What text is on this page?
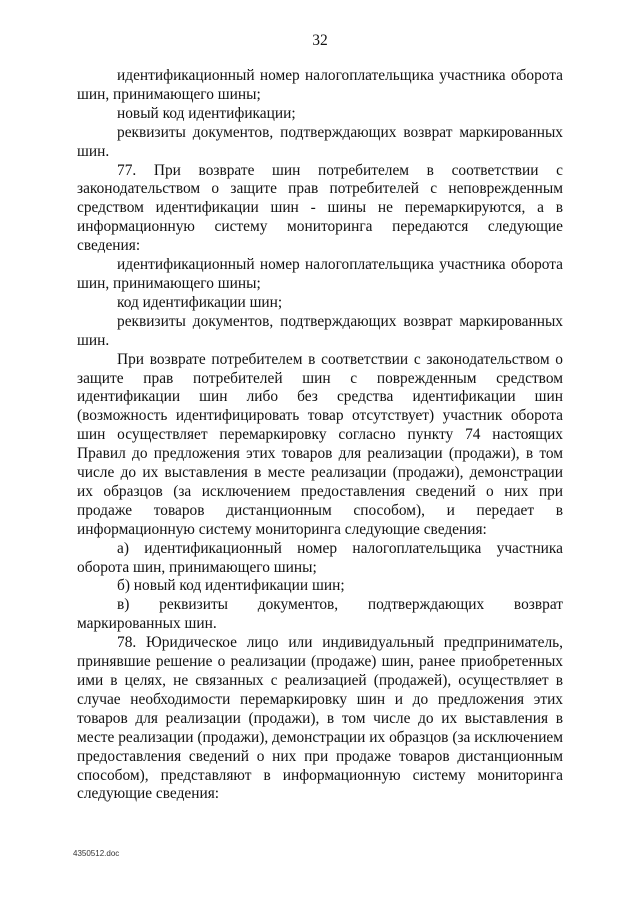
32

идентификационный номер налогоплательщика участника оборота шин, принимающего шины;

новый код идентификации;

реквизиты документов, подтверждающих возврат маркированных шин.

77. При возврате шин потребителем в соответствии с законодательством о защите прав потребителей с неповрежденным средством идентификации шин - шины не перемаркируются, а в информационную систему мониторинга передаются следующие сведения:

идентификационный номер налогоплательщика участника оборота шин, принимающего шины;

код идентификации шин;

реквизиты документов, подтверждающих возврат маркированных шин.

При возврате потребителем в соответствии с законодательством о защите прав потребителей шин с поврежденным средством идентификации шин либо без средства идентификации шин (возможность идентифицировать товар отсутствует) участник оборота шин осуществляет перемаркировку согласно пункту 74 настоящих Правил до предложения этих товаров для реализации (продажи), в том числе до их выставления в месте реализации (продажи), демонстрации их образцов (за исключением предоставления сведений о них при продаже товаров дистанционным способом), и передает в информационную систему мониторинга следующие сведения:

а) идентификационный номер налогоплательщика участника оборота шин, принимающего шины;

б) новый код идентификации шин;

в) реквизиты документов, подтверждающих возврат маркированных шин.

78. Юридическое лицо или индивидуальный предприниматель, принявшие решение о реализации (продаже) шин, ранее приобретенных ими в целях, не связанных с реализацией (продажей), осуществляет в случае необходимости перемаркировку шин и до предложения этих товаров для реализации (продажи), в том числе до их выставления в месте реализации (продажи), демонстрации их образцов (за исключением предоставления сведений о них при продаже товаров дистанционным способом), представляют в информационную систему мониторинга следующие сведения:

4350512.doc
